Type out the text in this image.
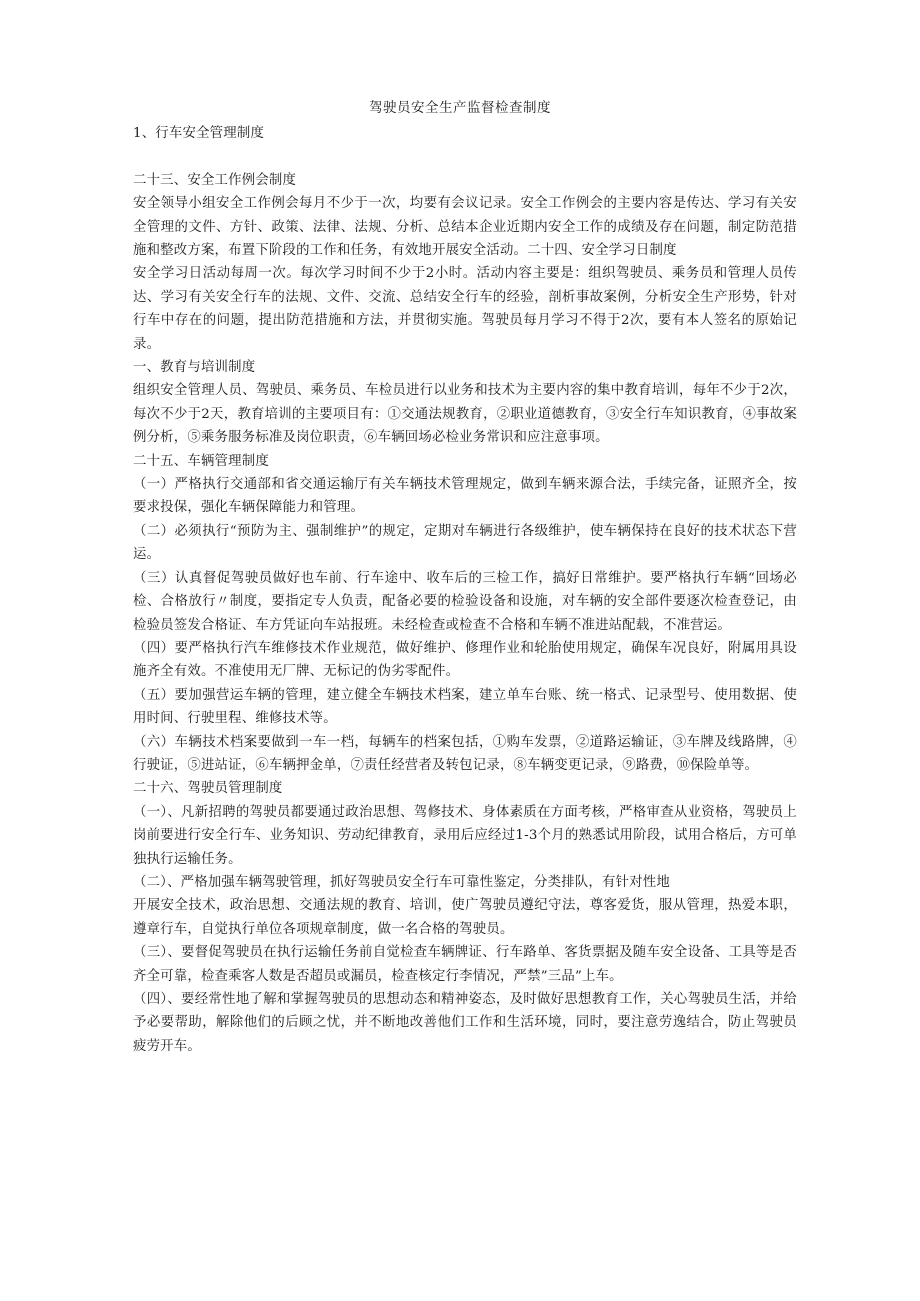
驾驶员安全生产监督检查制度

1、行车安全管理制度

二十三、安全工作例会制度

安全领导小组安全工作例会每月不少于一次，均要有会议记录。安全工作例会的主要内容是传达、学习有关安全管理的文件、方针、政策、法律、法规、分析、总结本企业近期内安全工作的成绩及存在问题，制定防范措施和整改方案，布置下阶段的工作和任务，有效地开展安全活动。二十四、安全学习日制度

安全学习日活动每周一次。每次学习时间不少于2小时。活动内容主要是：组织驾驶员、乘务员和管理人员传达、学习有关安全行车的法规、文件、交流、总结安全行车的经验，剖析事故案例，分析安全生产形势，针对行车中存在的问题，提出防范措施和方法，并贯彻实施。驾驶员每月学习不得于2次，要有本人签名的原始记录。

一、教育与培训制度

组织安全管理人员、驾驶员、乘务员、车检员进行以业务和技术为主要内容的集中教育培训，每年不少于2次，每次不少于2天，教育培训的主要项目有：①交通法规教育，②职业道德教育，③安全行车知识教育，④事故案例分析，⑤乘务服务标准及岗位职责，⑥车辆回场必检业务常识和应注意事项。

二十五、车辆管理制度

（一）严格执行交通部和省交通运输厅有关车辆技术管理规定，做到车辆来源合法，手续完备，证照齐全，按要求投保，强化车辆保障能力和管理。

（二）必须执行“预防为主、强制维护”的规定，定期对车辆进行各级维护，使车辆保持在良好的技术状态下营运。

（三）认真督促驾驶员做好也车前、行车途中、收车后的三检工作，搞好日常维护。要严格执行车辆“回场必检、合格放行〃制度，要指定专人负责，配备必要的检验设备和设施，对车辆的安全部件要逐次检查登记，由检验员签发合格证、车方凭证向车站报班。未经检查或检查不合格和车辆不准进站配载，不准营运。

（四）要严格执行汽车维修技术作业规范，做好维护、修理作业和轮胎使用规定，确保车况良好，附属用具设施齐全有效。不准使用无厂牌、无标记的伪劣零配件。

（五）要加强营运车辆的管理，建立健全车辆技术档案，建立单车台账、统一格式、记录型号、使用数据、使用时间、行驶里程、维修技术等。

（六）车辆技术档案要做到一车一档，每辆车的档案包括，①购车发票，②道路运输证，③车牌及线路牌，④行驶证，⑤进站证，⑥车辆押金单，⑦责任经营者及转包记录，⑧车辆变更记录，⑨路费，⑩保险单等。

二十六、驾驶员管理制度

（一）、凡新招聘的驾驶员都要通过政治思想、驾修技术、身体素质在方面考核，严格审查从业资格，驾驶员上岗前要进行安全行车、业务知识、劳动纪律教育，录用后应经过1-3个月的熟悉试用阶段，试用合格后，方可单独执行运输任务。

（二）、严格加强车辆驾驶管理，抓好驾驶员安全行车可靠性鉴定，分类排队，有针对性地

开展安全技术，政治思想、交通法规的教育、培训，使广驾驶员遵纪守法，尊客爱货，服从管理，热爱本职，遵章行车，自觉执行单位各项规章制度，做一名合格的驾驶员。

（三）、要督促驾驶员在执行运输任务前自觉检查车辆牌证、行车路单、客货票据及随车安全设备、工具等是否齐全可靠，检查乘客人数是否超员或漏员，检查核定行李情况，严禁”三品”上车。

（四）、要经常性地了解和掌握驾驶员的思想动态和精神姿态，及时做好思想教育工作，关心驾驶员生活，并给予必要帮助，解除他们的后顾之忧，并不断地改善他们工作和生活环境，同时，要注意劳逸结合，防止驾驶员疲劳开车。
